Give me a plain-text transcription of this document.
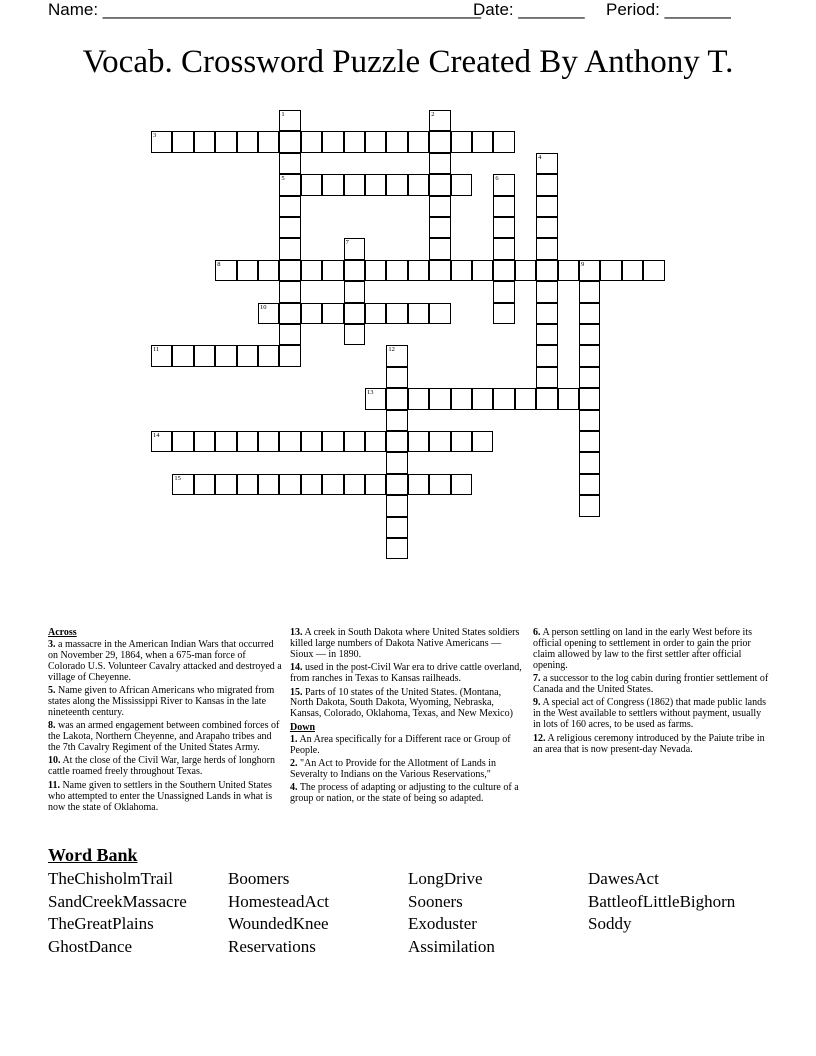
Name: ________________________________________

Date: _______

Period: _______

Vocab. Crossword Puzzle Created By Anthony T.
1
5
2
3
4
6
7
8	9
10
11	12
13
14
15
Across

3. a massacre in the American Indian Wars that occurred on November 29, 1864, when a 675-man force of Colorado U.S. Volunteer Cavalry attacked and destroyed a village of Cheyenne.

5. Name given to African Americans who migrated from states along the Mississippi River to Kansas in the late nineteenth century.

8. was an armed engagement between combined forces of the Lakota, Northern Cheyenne, and Arapaho tribes and the 7th Cavalry Regiment of the United States Army.

10. At the close of the Civil War, large herds of longhorn cattle roamed freely throughout Texas.

11. Name given to settlers in the Southern United States who attempted to enter the Unassigned Lands in what is now the state of Oklahoma.

13. A creek in South Dakota where United States soldiers killed large numbers of Dakota Native Americans — Sioux — in 1890.

14. used in the post-Civil War era to drive cattle overland, from ranches in Texas to Kansas railheads.

15. Parts of 10 states of the United States. (Montana, North Dakota, South Dakota, Wyoming, Nebraska, Kansas, Colorado, Oklahoma, Texas, and New Mexico)

Down

1. An Area specifically for a Different race or Group of People.

2. "An Act to Provide for the Allotment of Lands in Severalty to Indians on the Various Reservations,"

4. The process of adapting or adjusting to the culture of a group or nation, or the state of being so adapted.

6. A person settling on land in the early West before its official opening to settlement in order to gain the prior claim allowed by law to the first settler after official opening.

7. a successor to the log cabin during frontier settlement of Canada and the United States.

9. A special act of Congress (1862) that made public lands in the West available to settlers without payment, usually in lots of 160 acres, to be used as farms.

12. A religious ceremony introduced by the Paiute tribe in an area that is now present-day Nevada.

Word Bank
TheChisholmTrail	Boomers	LongDrive	DawesAct
SandCreekMassacre	HomesteadAct	Sooners	BattleofLittleBighorn
TheGreatPlains	WoundedKnee	Exoduster	Soddy
GhostDance	Reservations	Assimilation
